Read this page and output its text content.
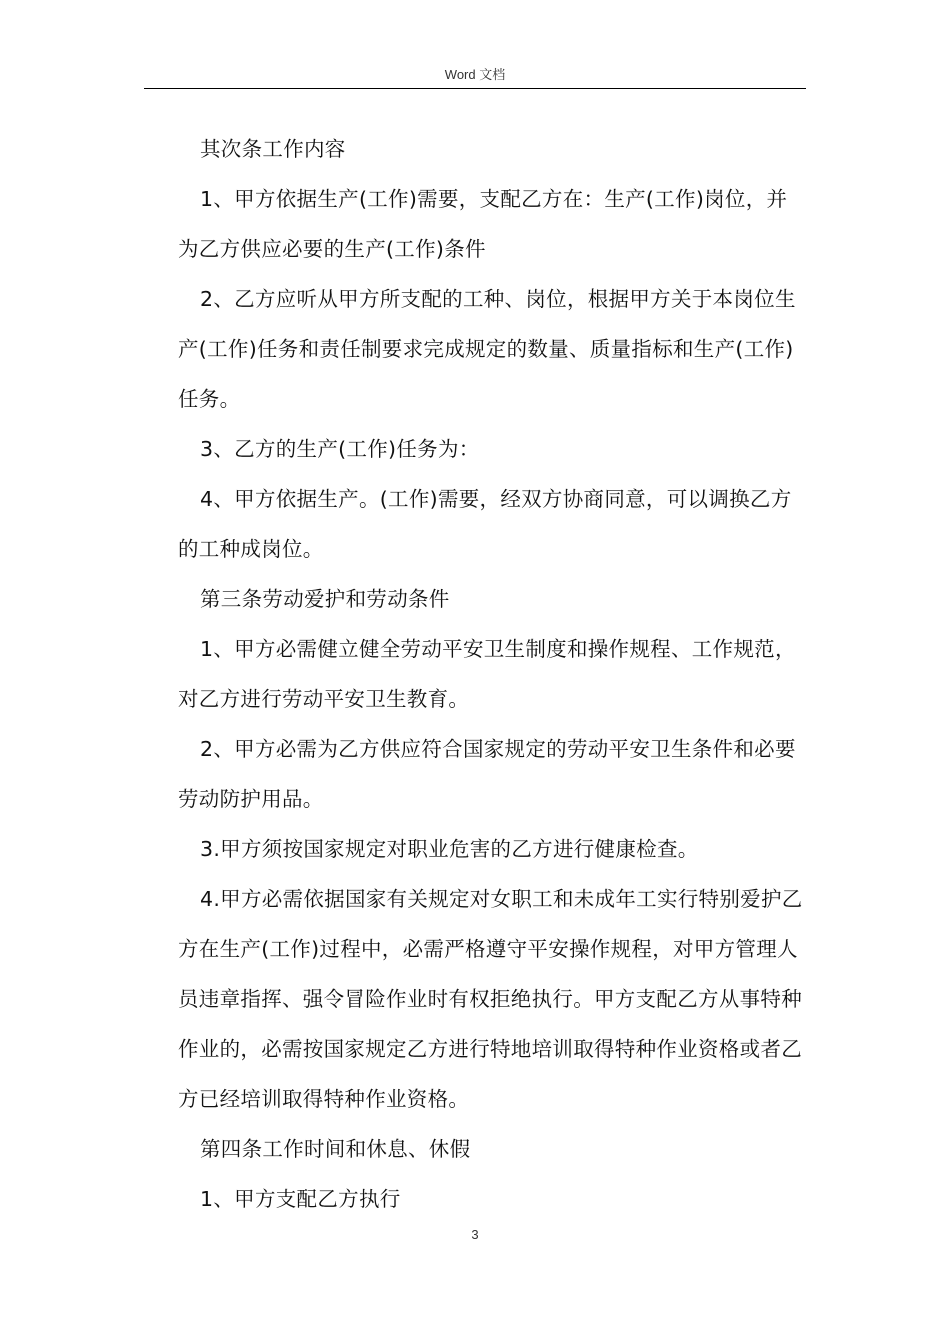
Word 文档

其次条工作内容

1、甲方依据生产(工作)需要，支配乙方在：生产(工作)岗位，并为乙方供应必要的生产(工作)条件

2、乙方应听从甲方所支配的工种、岗位，根据甲方关于本岗位生产(工作)任务和责任制要求完成规定的数量、质量指标和生产(工作)任务。

3、乙方的生产(工作)任务为：

4、甲方依据生产。(工作)需要，经双方协商同意，可以调换乙方的工种成岗位。

第三条劳动爱护和劳动条件

1、甲方必需健立健全劳动平安卫生制度和操作规程、工作规范，对乙方进行劳动平安卫生教育。

2、甲方必需为乙方供应符合国家规定的劳动平安卫生条件和必要劳动防护用品。

3.甲方须按国家规定对职业危害的乙方进行健康检查。

4.甲方必需依据国家有关规定对女职工和未成年工实行特别爱护乙方在生产(工作)过程中，必需严格遵守平安操作规程，对甲方管理人员违章指挥、强令冒险作业时有权拒绝执行。甲方支配乙方从事特种作业的，必需按国家规定乙方进行特地培训取得特种作业资格或者乙方已经培训取得特种作业资格。

第四条工作时间和休息、休假

1、甲方支配乙方执行

3
